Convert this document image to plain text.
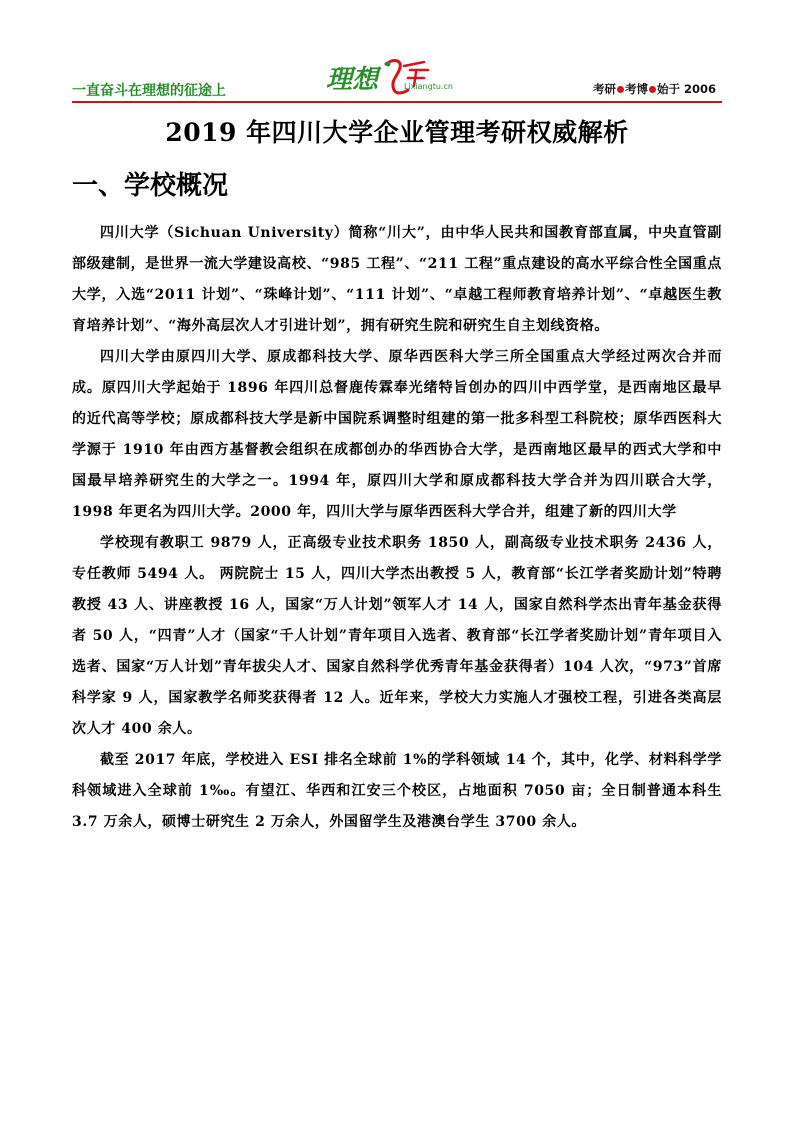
一直奋斗在理想的征途上	理想	Lixiangtu.cn	考研 考博 始于 2006
2019 年四川大学企业管理考研权威解析
一、学校概况

四川大学（Sichuan University）简称“川大”，由中华人民共和国教育部直属，中央直管副部级建制，是世界一流大学建设高校、“985 工程”、“211 工程”重点建设的高水平综合性全国重点大学，入选“2011 计划”、“珠峰计划”、“111 计划”、“卓越工程师教育培养计划”、“卓越医生教育培养计划”、“海外高层次人才引进计划”，拥有研究生院和研究生自主划线资格。

四川大学由原四川大学、原成都科技大学、原华西医科大学三所全国重点大学经过两次合并而成。原四川大学起始于 1896 年四川总督鹿传霖奉光绪特旨创办的四川中西学堂，是西南地区最早的近代高等学校；原成都科技大学是新中国院系调整时组建的第一批多科型工科院校；原华西医科大学源于 1910 年由西方基督教会组织在成都创办的华西协合大学，是西南地区最早的西式大学和中国最早培养研究生的大学之一。1994 年，原四川大学和原成都科技大学合并为四川联合大学，1998 年更名为四川大学。2000 年，四川大学与原华西医科大学合并，组建了新的四川大学

学校现有教职工 9879 人，正高级专业技术职务 1850 人，副高级专业技术职务 2436 人，专任教师 5494 人。 两院院士 15 人，四川大学杰出教授 5 人，教育部“长江学者奖励计划”特聘教授 43 人、讲座教授 16 人，国家“万人计划”领军人才 14 人，国家自然科学杰出青年基金获得者 50 人，“四青”人才（国家“千人计划”青年项目入选者、教育部“长江学者奖励计划”青年项目入选者、国家“万人计划”青年拔尖人才、国家自然科学优秀青年基金获得者）104 人次，“973”首席科学家 9 人，国家教学名师奖获得者 12 人。近年来，学校大力实施人才强校工程，引进各类高层次人才 400 余人。

截至 2017 年底，学校进入 ESI 排名全球前 1%的学科领域 14 个，其中，化学、材料科学学科领域进入全球前 1‰。有望江、华西和江安三个校区，占地面积 7050 亩；全日制普通本科生 3.7 万余人，硕博士研究生 2 万余人，外国留学生及港澳台学生 3700 余人。
